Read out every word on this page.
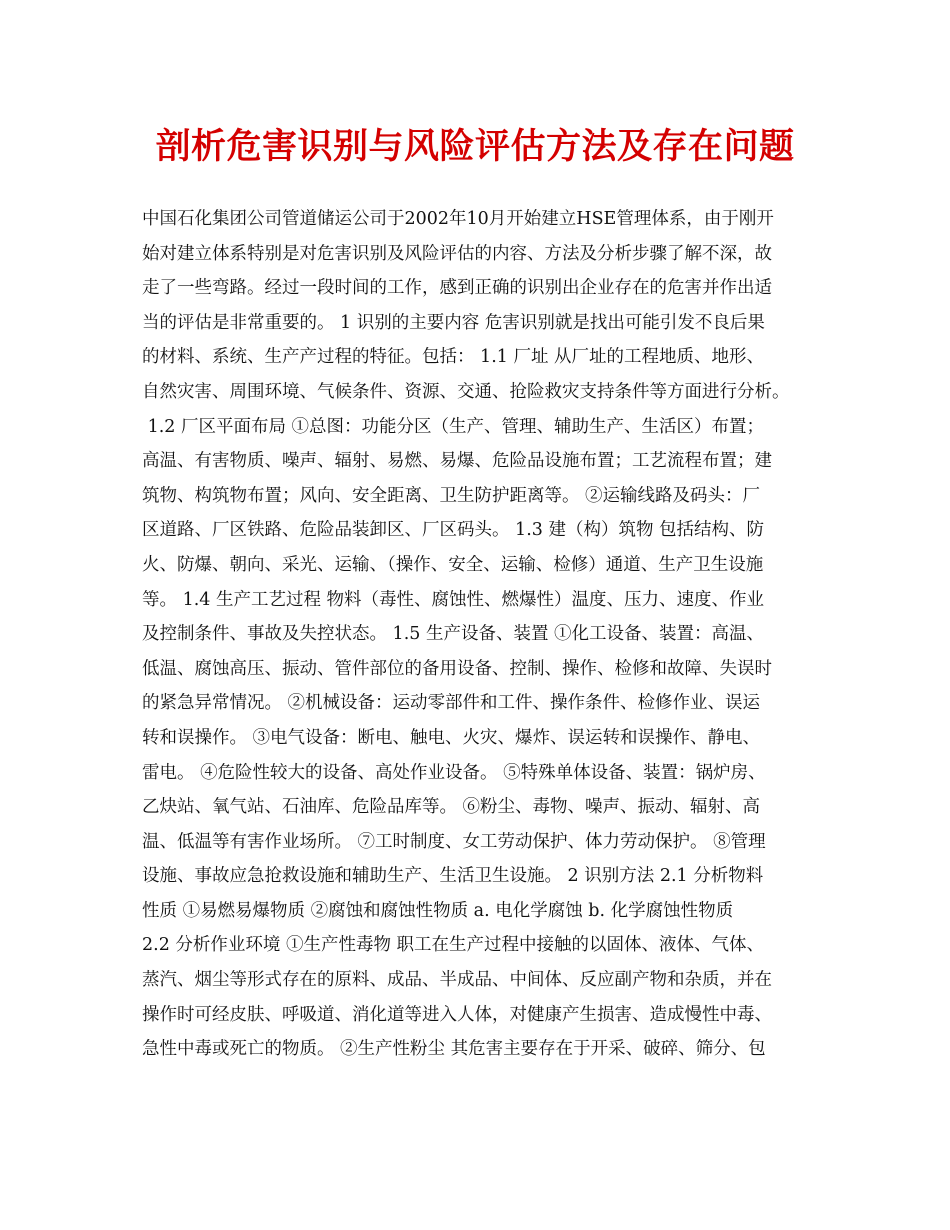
剖析危害识别与风险评估方法及存在问题
中国石化集团公司管道储运公司于2002年10月开始建立HSE管理体系，由于刚开
始对建立体系特别是对危害识别及风险评估的内容、方法及分析步骤了解不深，故
走了一些弯路。经过一段时间的工作，感到正确的识别出企业存在的危害并作出适
当的评估是非常重要的。 1 识别的主要内容 危害识别就是找出可能引发不良后果
的材料、系统、生产产过程的特征。包括： 1.1 厂址 从厂址的工程地质、地形、
自然灾害、周围环境、气候条件、资源、交通、抢险救灾支持条件等方面进行分析。
1.2 厂区平面布局 ①总图：功能分区（生产、管理、辅助生产、生活区）布置；
高温、有害物质、噪声、辐射、易燃、易爆、危险品设施布置；工艺流程布置；建
筑物、构筑物布置；风向、安全距离、卫生防护距离等。 ②运输线路及码头：厂
区道路、厂区铁路、危险品装卸区、厂区码头。 1.3 建（构）筑物 包括结构、防
火、防爆、朝向、采光、运输、（操作、安全、运输、检修）通道、生产卫生设施
等。 1.4 生产工艺过程 物料（毒性、腐蚀性、燃爆性）温度、压力、速度、作业
及控制条件、事故及失控状态。 1.5 生产设备、装置 ①化工设备、装置：高温、
低温、腐蚀高压、振动、管件部位的备用设备、控制、操作、检修和故障、失误时
的紧急异常情况。 ②机械设备：运动零部件和工件、操作条件、检修作业、误运
转和误操作。 ③电气设备：断电、触电、火灾、爆炸、误运转和误操作、静电、
雷电。 ④危险性较大的设备、高处作业设备。 ⑤特殊单体设备、装置：锅炉房、
乙炔站、氧气站、石油库、危险品库等。 ⑥粉尘、毒物、噪声、振动、辐射、高
温、低温等有害作业场所。 ⑦工时制度、女工劳动保护、体力劳动保护。 ⑧管理
设施、事故应急抢救设施和辅助生产、生活卫生设施。 2 识别方法 2.1 分析物料
性质 ①易燃易爆物质 ②腐蚀和腐蚀性物质 a. 电化学腐蚀 b. 化学腐蚀性物质
2.2 分析作业环境 ①生产性毒物 职工在生产过程中接触的以固体、液体、气体、
蒸汽、烟尘等形式存在的原料、成品、半成品、中间体、反应副产物和杂质，并在
操作时可经皮肤、呼吸道、消化道等进入人体，对健康产生损害、造成慢性中毒、
急性中毒或死亡的物质。 ②生产性粉尘 其危害主要存在于开采、破碎、筛分、包
